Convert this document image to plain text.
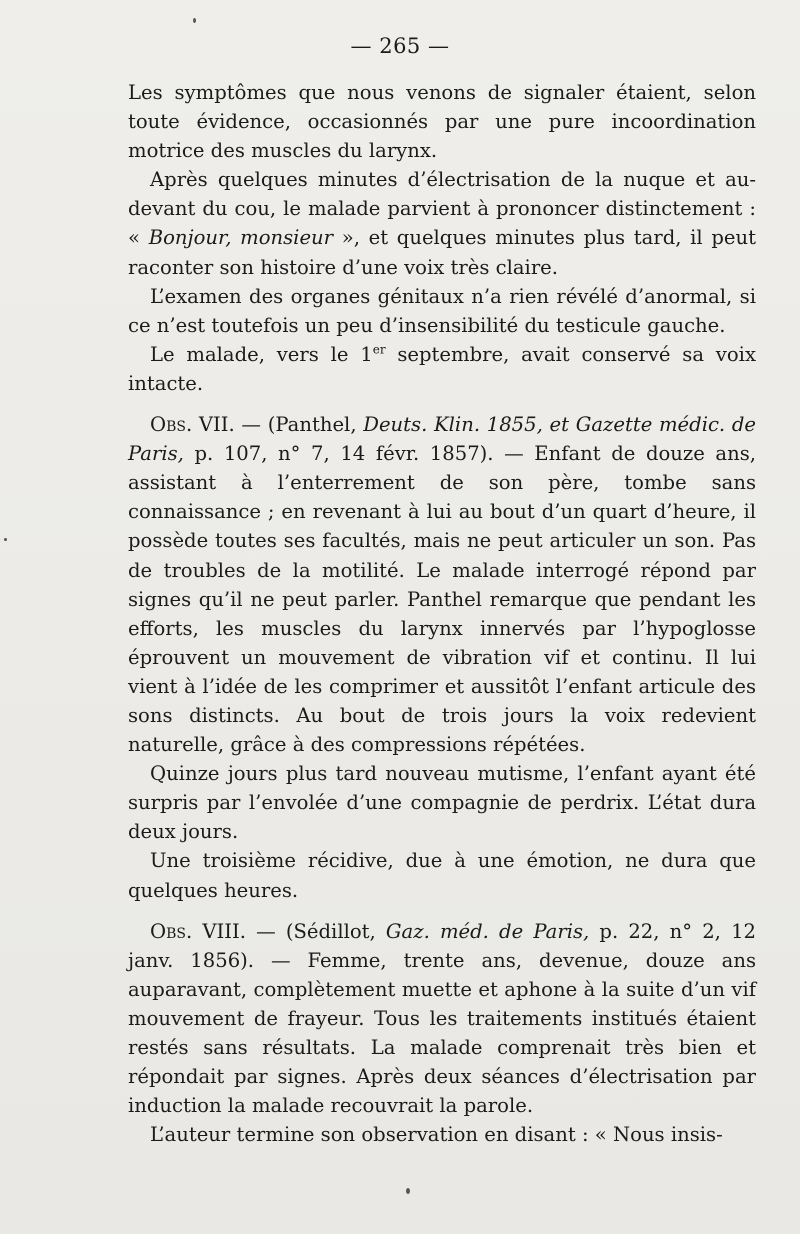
— 265 —

Les symptômes que nous venons de signaler étaient, selon toute évidence, occasionnés par une pure incoordination motrice des muscles du larynx.

Après quelques minutes d’électrisation de la nuque et au-devant du cou, le malade parvient à prononcer distinctement : « Bonjour, monsieur », et quelques minutes plus tard, il peut raconter son histoire d’une voix très claire.

L’examen des organes génitaux n’a rien révélé d’anormal, si ce n’est toutefois un peu d’insensibilité du testicule gauche.

Le malade, vers le 1er septembre, avait conservé sa voix intacte.

Obs. VII. — (Panthel, Deuts. Klin. 1855, et Gazette médic. de Paris, p. 107, n° 7, 14 févr. 1857). — Enfant de douze ans, assistant à l’enterrement de son père, tombe sans connaissance ; en revenant à lui au bout d’un quart d’heure, il possède toutes ses facultés, mais ne peut articuler un son. Pas de troubles de la motilité. Le malade interrogé répond par signes qu’il ne peut parler. Panthel remarque que pendant les efforts, les muscles du larynx innervés par l’hypoglosse éprouvent un mouvement de vibration vif et continu. Il lui vient à l’idée de les comprimer et aussitôt l’enfant articule des sons distincts. Au bout de trois jours la voix redevient naturelle, grâce à des compressions répétées.

Quinze jours plus tard nouveau mutisme, l’enfant ayant été surpris par l’envolée d’une compagnie de perdrix. L’état dura deux jours.

Une troisième récidive, due à une émotion, ne dura que quelques heures.

Obs. VIII. — (Sédillot, Gaz. méd. de Paris, p. 22, n° 2, 12 janv. 1856). — Femme, trente ans, devenue, douze ans auparavant, complètement muette et aphone à la suite d’un vif mouvement de frayeur. Tous les traitements institués étaient restés sans résultats. La malade comprenait très bien et répondait par signes. Après deux séances d’électrisation par induction la malade recouvrait la parole.

L’auteur termine son observation en disant : « Nous insis-
